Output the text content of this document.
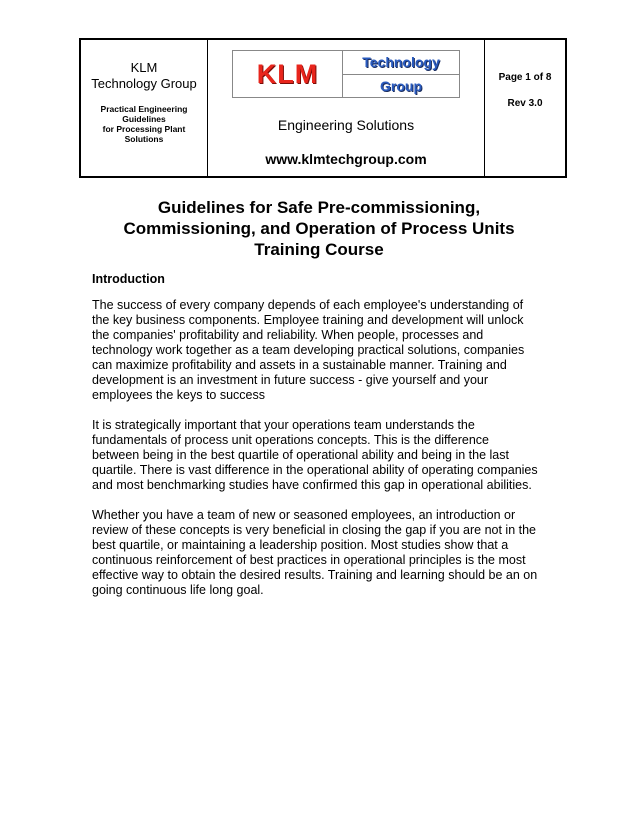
KLM
Technology Group
Practical Engineering
Guidelines
for Processing Plant
Solutions
KLM	Technology
Group
Engineering Solutions
www.klmtechgroup.com
Page 1 of 8
Rev 3.0
Guidelines for Safe Pre-commissioning,
Commissioning, and Operation of Process Units
Training Course
Introduction
The success of every company depends of each employee's understanding of
the key business components. Employee training and development will unlock
the companies' profitability and reliability. When people, processes and
technology work together as a team developing practical solutions, companies
can maximize profitability and assets in a sustainable manner. Training and
development is an investment in future success - give yourself and your
employees the keys to success
It is strategically important that your operations team understands the
fundamentals of process unit operations concepts. This is the difference
between being in the best quartile of operational ability and being in the last
quartile. There is vast difference in the operational ability of operating companies
and most benchmarking studies have confirmed this gap in operational abilities.
Whether you have a team of new or seasoned employees, an introduction or
review of these concepts is very beneficial in closing the gap if you are not in the
best quartile, or maintaining a leadership position. Most studies show that a
continuous reinforcement of best practices in operational principles is the most
effective way to obtain the desired results. Training and learning should be an on
going continuous life long goal.
